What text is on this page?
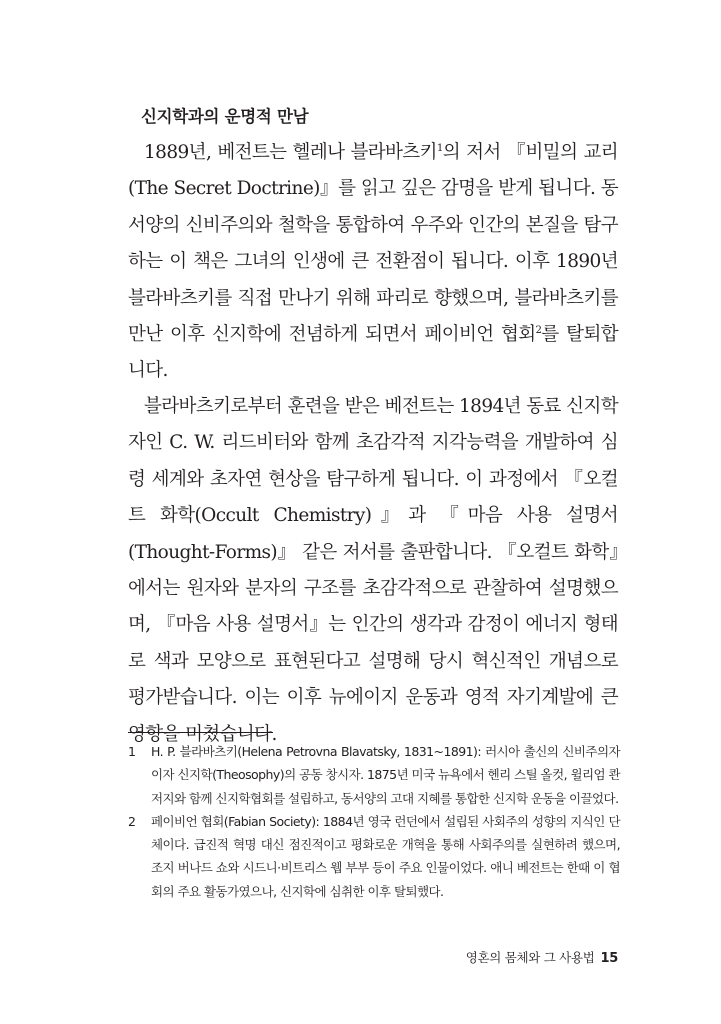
신지학과의 운명적 만남

1889년, 베전트는 헬레나 블라바츠키$^1$의 저서 『비밀의 교리(The Secret Doctrine)』를 읽고 깊은 감명을 받게 됩니다. 동서양의 신비주의와 철학을 통합하여 우주와 인간의 본질을 탐구하는 이 책은 그녀의 인생에 큰 전환점이 됩니다. 이후 1890년 블라바츠키를 직접 만나기 위해 파리로 향했으며, 블라바츠키를 만난 이후 신지학에 전념하게 되면서 페이비언 협회$^2$를 탈퇴합니다.

블라바츠키로부터 훈련을 받은 베전트는 1894년 동료 신지학자인 C. W. 리드비터와 함께 초감각적 지각능력을 개발하여 심령 세계와 초자연 현상을 탐구하게 됩니다. 이 과정에서 『오컬트 화학(Occult Chemistry)』과 『마음 사용 설명서(Thought-Forms)』 같은 저서를 출판합니다. 『오컬트 화학』에서는 원자와 분자의 구조를 초감각적으로 관찰하여 설명했으며, 『마음 사용 설명서』는 인간의 생각과 감정이 에너지 형태로 색과 모양으로 표현된다고 설명해 당시 혁신적인 개념으로 평가받습니다. 이는 이후 뉴에이지 운동과 영적 자기계발에 큰 영향을 미쳤습니다.

1	H. P. 블라바츠키(Helena Petrovna Blavatsky, 1831~1891): 러시아 출신의 신비주의자이자 신지학(Theosophy)의 공동 창시자. 1875년 미국 뉴욕에서 헨리 스틸 올컷, 윌리엄 콴 저지와 함께 신지학협회를 설립하고, 동서양의 고대 지혜를 통합한 신지학 운동을 이끌었다.
2	페이비언 협회(Fabian Society): 1884년 영국 런던에서 설립된 사회주의 성향의 지식인 단체이다. 급진적 혁명 대신 점진적이고 평화로운 개혁을 통해 사회주의를 실현하려 했으며, 조지 버나드 쇼와 시드니·비트리스 웹 부부 등이 주요 인물이었다. 애니 베전트는 한때 이 협회의 주요 활동가였으나, 신지학에 심취한 이후 탈퇴했다.
영혼의 몸체와 그 사용법 15
